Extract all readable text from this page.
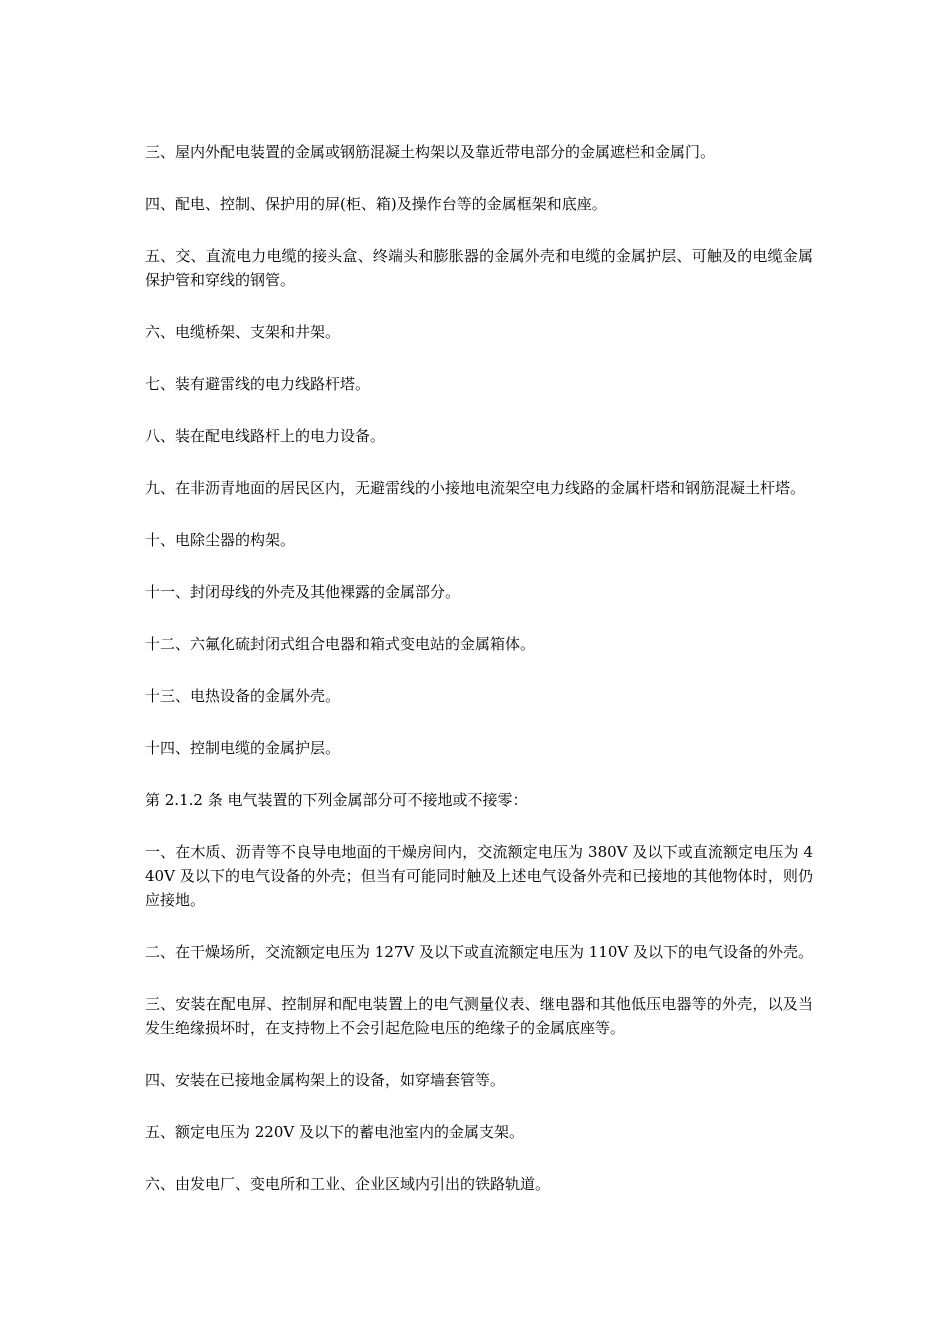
三、屋内外配电装置的金属或钢筋混凝土构架以及靠近带电部分的金属遮栏和金属门。

四、配电、控制、保护用的屏(柜、箱)及操作台等的金属框架和底座。

五、交、直流电力电缆的接头盒、终端头和膨胀器的金属外壳和电缆的金属护层、可触及的电缆金属保护管和穿线的钢管。

六、电缆桥架、支架和井架。

七、装有避雷线的电力线路杆塔。

八、装在配电线路杆上的电力设备。

九、在非沥青地面的居民区内，无避雷线的小接地电流架空电力线路的金属杆塔和钢筋混凝土杆塔。

十、电除尘器的构架。

十一、封闭母线的外壳及其他裸露的金属部分。

十二、六氟化硫封闭式组合电器和箱式变电站的金属箱体。

十三、电热设备的金属外壳。

十四、控制电缆的金属护层。

第 2.1.2 条 电气装置的下列金属部分可不接地或不接零：

一、在木质、沥青等不良导电地面的干燥房间内，交流额定电压为 380V 及以下或直流额定电压为 440V 及以下的电气设备的外壳；但当有可能同时触及上述电气设备外壳和已接地的其他物体时，则仍应接地。

二、在干燥场所，交流额定电压为 127V 及以下或直流额定电压为 110V 及以下的电气设备的外壳。

三、安装在配电屏、控制屏和配电装置上的电气测量仪表、继电器和其他低压电器等的外壳，以及当发生绝缘损坏时，在支持物上不会引起危险电压的绝缘子的金属底座等。

四、安装在已接地金属构架上的设备，如穿墙套管等。

五、额定电压为 220V 及以下的蓄电池室内的金属支架。

六、由发电厂、变电所和工业、企业区域内引出的铁路轨道。
